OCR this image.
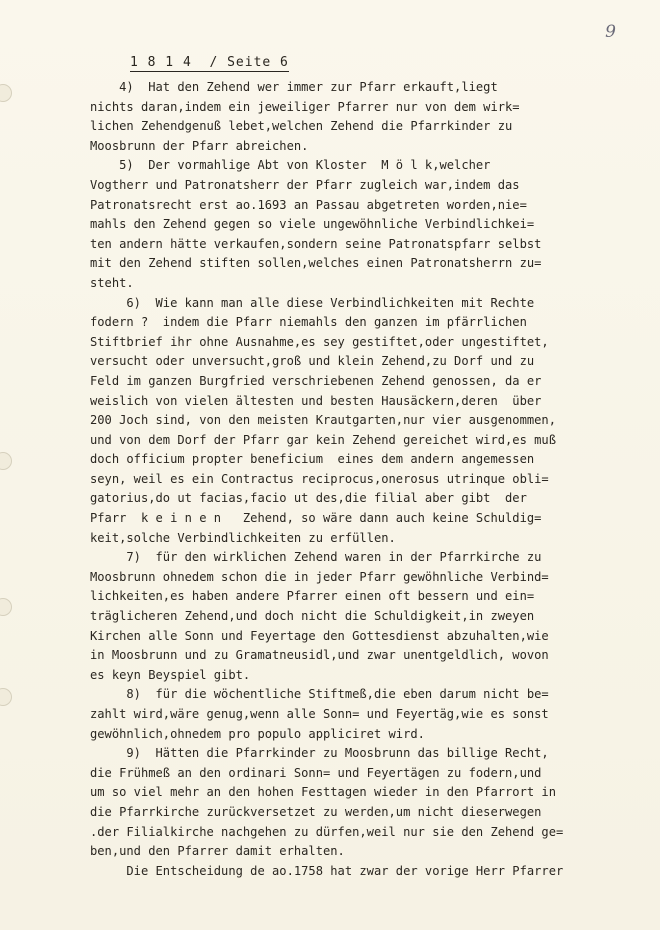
9
1 8 1 4  / Seite 6
4)  Hat den Zehend wer immer zur Pfarr erkauft,liegt
nichts daran,indem ein jeweiliger Pfarrer nur von dem wirk=
lichen Zehendgenuß lebet,welchen Zehend die Pfarrkinder zu
Moosbrunn der Pfarr abreichen.
5)  Der vormahlige Abt von Kloster  M ö l k,welcher
Vogtherr und Patronatsherr der Pfarr zugleich war,indem das
Patronatsrecht erst ao.1693 an Passau abgetreten worden,nie=
mahls den Zehend gegen so viele ungewöhnliche Verbindlichkei=
ten andern hätte verkaufen,sondern seine Patronatspfarr selbst
mit den Zehend stiften sollen,welches einen Patronatsherrn zu=
steht.
6)  Wie kann man alle diese Verbindlichkeiten mit Rechte
fodern ?  indem die Pfarr niemahls den ganzen im pfärrlichen
Stiftbrief ihr ohne Ausnahme,es sey gestiftet,oder ungestiftet,
versucht oder unversucht,groß und klein Zehend,zu Dorf und zu
Feld im ganzen Burgfried verschriebenen Zehend genossen, da er
weislich von vielen ältesten und besten Hausäckern,deren  über
200 Joch sind, von den meisten Krautgarten,nur vier ausgenommen,
und von dem Dorf der Pfarr gar kein Zehend gereichet wird,es muß
doch officium propter beneficium  eines dem andern angemessen
seyn, weil es ein Contractus reciprocus,onerosus utrinque obli=
gatorius,do ut facias,facio ut des,die filial aber gibt  der
Pfarr  k e i n e n   Zehend, so wäre dann auch keine Schuldig=
keit,solche Verbindlichkeiten zu erfüllen.
7)  für den wirklichen Zehend waren in der Pfarrkirche zu
Moosbrunn ohnedem schon die in jeder Pfarr gewöhnliche Verbind=
lichkeiten,es haben andere Pfarrer einen oft bessern und ein=
träglicheren Zehend,und doch nicht die Schuldigkeit,in zweyen
Kirchen alle Sonn und Feyertage den Gottesdienst abzuhalten,wie
in Moosbrunn und zu Gramatneusidl,und zwar unentgeldlich, wovon
es keyn Beyspiel gibt.
8)  für die wöchentliche Stiftmeß,die eben darum nicht be=
zahlt wird,wäre genug,wenn alle Sonn= und Feyertäg,wie es sonst
gewöhnlich,ohnedem pro populo appliciret wird.
9)  Hätten die Pfarrkinder zu Moosbrunn das billige Recht,
die Frühmeß an den ordinari Sonn= und Feyertägen zu fodern,und
um so viel mehr an den hohen Festtagen wieder in den Pfarrort in
die Pfarrkirche zurückversetzet zu werden,um nicht dieserwegen
.der Filialkirche nachgehen zu dürfen,weil nur sie den Zehend ge=
ben,und den Pfarrer damit erhalten.
Die Entscheidung de ao.1758 hat zwar der vorige Herr Pfarrer
